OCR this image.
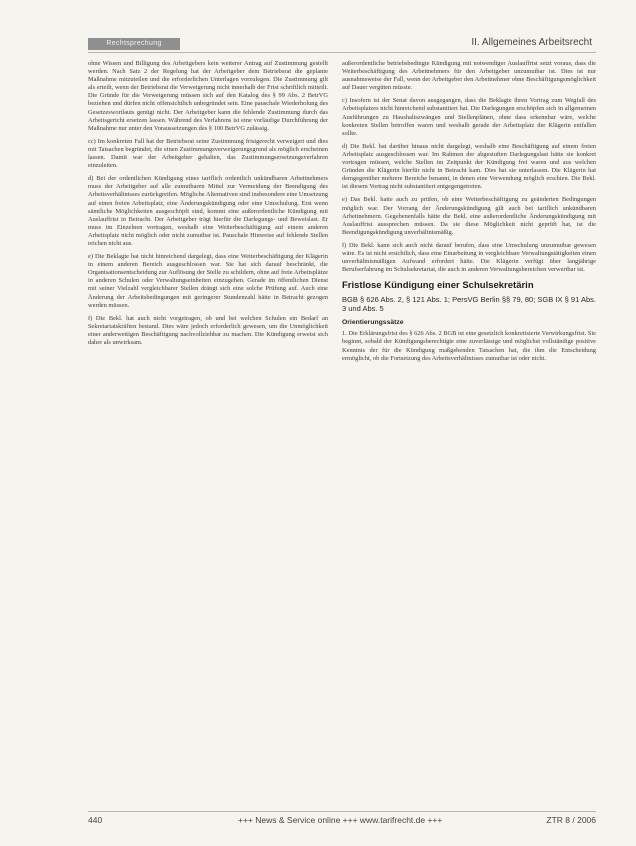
Rechtsprechung	II. Allgemeines Arbeitsrecht

ohne Wissen und Billigung des Arbeitgebers kein weiterer Antrag auf Zustimmung gestellt werden. Nach Satz 2 der Regelung hat der Arbeitgeber dem Betriebsrat die geplante Maßnahme mitzuteilen und die erforderlichen Unterlagen vorzulegen. Die Zustimmung gilt als erteilt, wenn der Betriebsrat die Verweigerung nicht innerhalb der Frist schriftlich mitteilt. Die Gründe für die Verweigerung müssen sich auf den Katalog des § 99 Abs. 2 BetrVG beziehen und dürfen nicht offensichtlich unbegründet sein. Eine pauschale Wiederholung des Gesetzeswortlauts genügt nicht. Der Arbeitgeber kann die fehlende Zustimmung durch das Arbeitsgericht ersetzen lassen. Während des Verfahrens ist eine vorläufige Durchführung der Maßnahme nur unter den Voraussetzungen des § 100 BetrVG zulässig.

cc) Im konkreten Fall hat der Betriebsrat seine Zustimmung fristgerecht verweigert und dies mit Tatsachen begründet, die einen Zustimmungsverweigerungsgrund als möglich erscheinen lassen. Damit war der Arbeitgeber gehalten, das Zustimmungsersetzungsverfahren einzuleiten.

d) Bei der ordentlichen Kündigung eines tariflich ordentlich unkündbaren Arbeitnehmers muss der Arbeitgeber auf alle zumutbaren Mittel zur Vermeidung der Beendigung des Arbeitsverhältnisses zurückgreifen. Mögliche Alternativen sind insbesondere eine Umsetzung auf einen freien Arbeitsplatz, eine Änderungskündigung oder eine Umschulung. Erst wenn sämtliche Möglichkeiten ausgeschöpft sind, kommt eine außerordentliche Kündigung mit Auslauffrist in Betracht. Der Arbeitgeber trägt hierfür die Darlegungs- und Beweislast. Er muss im Einzelnen vortragen, weshalb eine Weiterbeschäftigung auf einem anderen Arbeitsplatz nicht möglich oder nicht zumutbar ist. Pauschale Hinweise auf fehlende Stellen reichen nicht aus.

e) Die Beklagte hat nicht hinreichend dargelegt, dass eine Weiterbeschäftigung der Klägerin in einem anderen Bereich ausgeschlossen war. Sie hat sich darauf beschränkt, die Organisationsentscheidung zur Auflösung der Stelle zu schildern, ohne auf freie Arbeitsplätze in anderen Schulen oder Verwaltungseinheiten einzugehen. Gerade im öffentlichen Dienst mit seiner Vielzahl vergleichbarer Stellen drängt sich eine solche Prüfung auf. Auch eine Änderung der Arbeitsbedingungen mit geringerer Stundenzahl hätte in Betracht gezogen werden müssen.

f) Die Bekl. hat auch nicht vorgetragen, ob und bei welchen Schulen ein Bedarf an Sekretariatskräften bestand. Dies wäre jedoch erforderlich gewesen, um die Unmöglichkeit einer anderweitigen Beschäftigung nachvollziehbar zu machen. Die Kündigung erweist sich daher als unwirksam.

außerordentliche betriebsbedingte Kündigung mit notwendiger Auslauffrist setzt voraus, dass die Weiterbeschäftigung des Arbeitnehmers für den Arbeitgeber unzumutbar ist. Dies ist nur ausnahmsweise der Fall, wenn der Arbeitgeber den Arbeitnehmer ohne Beschäftigungsmöglichkeit auf Dauer vergüten müsste.

c) Insofern ist der Senat davon ausgegangen, dass die Beklagte ihren Vortrag zum Wegfall des Arbeitsplatzes nicht hinreichend substantiiert hat. Die Darlegungen erschöpfen sich in allgemeinen Ausführungen zu Haushaltszwängen und Stellenplänen, ohne dass erkennbar wäre, welche konkreten Stellen betroffen waren und weshalb gerade der Arbeitsplatz der Klägerin entfallen sollte.

d) Die Bekl. hat darüber hinaus nicht dargelegt, weshalb eine Beschäftigung auf einem freien Arbeitsplatz ausgeschlossen war. Im Rahmen der abgestuften Darlegungslast hätte sie konkret vortragen müssen, welche Stellen im Zeitpunkt der Kündigung frei waren und aus welchen Gründen die Klägerin hierfür nicht in Betracht kam. Dies hat sie unterlassen. Die Klägerin hat demgegenüber mehrere Bereiche benannt, in denen eine Verwendung möglich erschien. Die Bekl. ist diesem Vortrag nicht substantiiert entgegengetreten.

e) Das Bekl. hatte auch zu prüfen, ob eine Weiterbeschäftigung zu geänderten Bedingungen möglich war. Der Vorrang der Änderungskündigung gilt auch bei tariflich unkündbaren Arbeitnehmern. Gegebenenfalls hätte die Bekl. eine außerordentliche Änderungskündigung mit Auslauffrist aussprechen müssen. Da sie diese Möglichkeit nicht geprüft hat, ist die Beendigungskündigung unverhältnismäßig.

f) Die Bekl. kann sich auch nicht darauf berufen, dass eine Umschulung unzumutbar gewesen wäre. Es ist nicht ersichtlich, dass eine Einarbeitung in vergleichbare Verwaltungstätigkeiten einen unverhältnismäßigen Aufwand erfordert hätte. Die Klägerin verfügt über langjährige Berufserfahrung im Schulsekretariat, die auch in anderen Verwaltungsbereichen verwertbar ist.

Fristlose Kündigung einer Schulsekretärin
BGB § 626 Abs. 2, § 121 Abs. 1; PersVG Berlin §§ 79, 80; SGB IX § 91 Abs. 3 und Abs. 5
Orientierungssätze

1. Die Erklärungsfrist des § 626 Abs. 2 BGB ist eine gesetzlich konkretisierte Verwirkungsfrist. Sie beginnt, sobald der Kündigungsberechtigte eine zuverlässige und möglichst vollständige positive Kenntnis der für die Kündigung maßgebenden Tatsachen hat, die ihm die Entscheidung ermöglicht, ob die Fortsetzung des Arbeitsverhältnisses zumutbar ist oder nicht.

440	+++ News & Service online +++ www.tarifrecht.de +++	ZTR 8 / 2006
